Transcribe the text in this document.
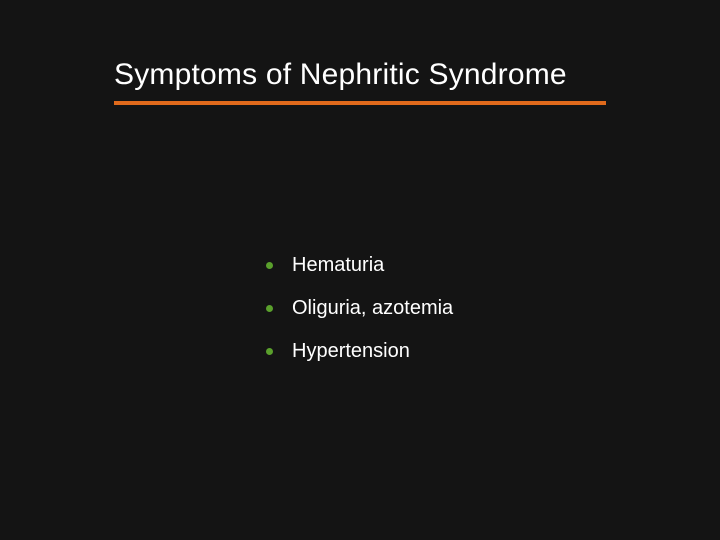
Symptoms of Nephritic Syndrome
Hematuria
Oliguria, azotemia
Hypertension
